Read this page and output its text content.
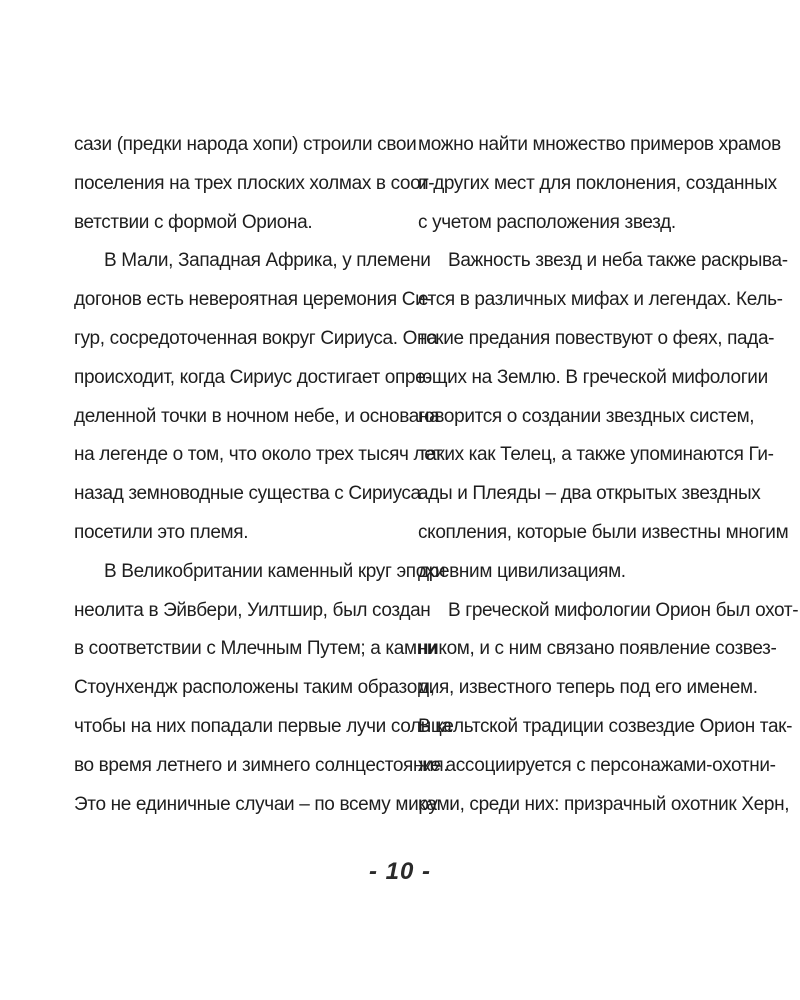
сази (предки народа хопи) строили свои
поселения на трех плоских холмах в соот-
ветствии с формой Ориона.
В Мали, Западная Африка, у племени
догонов есть невероятная церемония Си-
гур, сосредоточенная вокруг Сириуса. Она
происходит, когда Сириус достигает опре-
деленной точки в ночном небе, и основана
на легенде о том, что около трех тысяч лет
назад земноводные существа с Сириуса
посетили это племя.
В Великобритании каменный круг эпохи
неолита в Эйвбери, Уилтшир, был создан
в соответствии с Млечным Путем; а камни
Стоунхендж расположены таким образом,
чтобы на них попадали первые лучи солнца
во время летнего и зимнего солнцестояния.
Это не единичные случаи – по всему миру
можно найти множество примеров храмов
и других мест для поклонения, созданных
с учетом расположения звезд.
Важность звезд и неба также раскрыва-
ется в различных мифах и легендах. Кель-
тские предания повествуют о феях, пада-
ющих на Землю. В греческой мифологии
говорится о создании звездных систем,
таких как Телец, а также упоминаются Ги-
ады и Плеяды – два открытых звездных
скопления, которые были известны многим
древним цивилизациям.
В греческой мифологии Орион был охот-
ником, и с ним связано появление созвез-
дия, известного теперь под его именем.
В кельтской традиции созвездие Орион так-
же ассоциируется с персонажами-охотни-
ками, среди них: призрачный охотник Херн,
- 10 -
